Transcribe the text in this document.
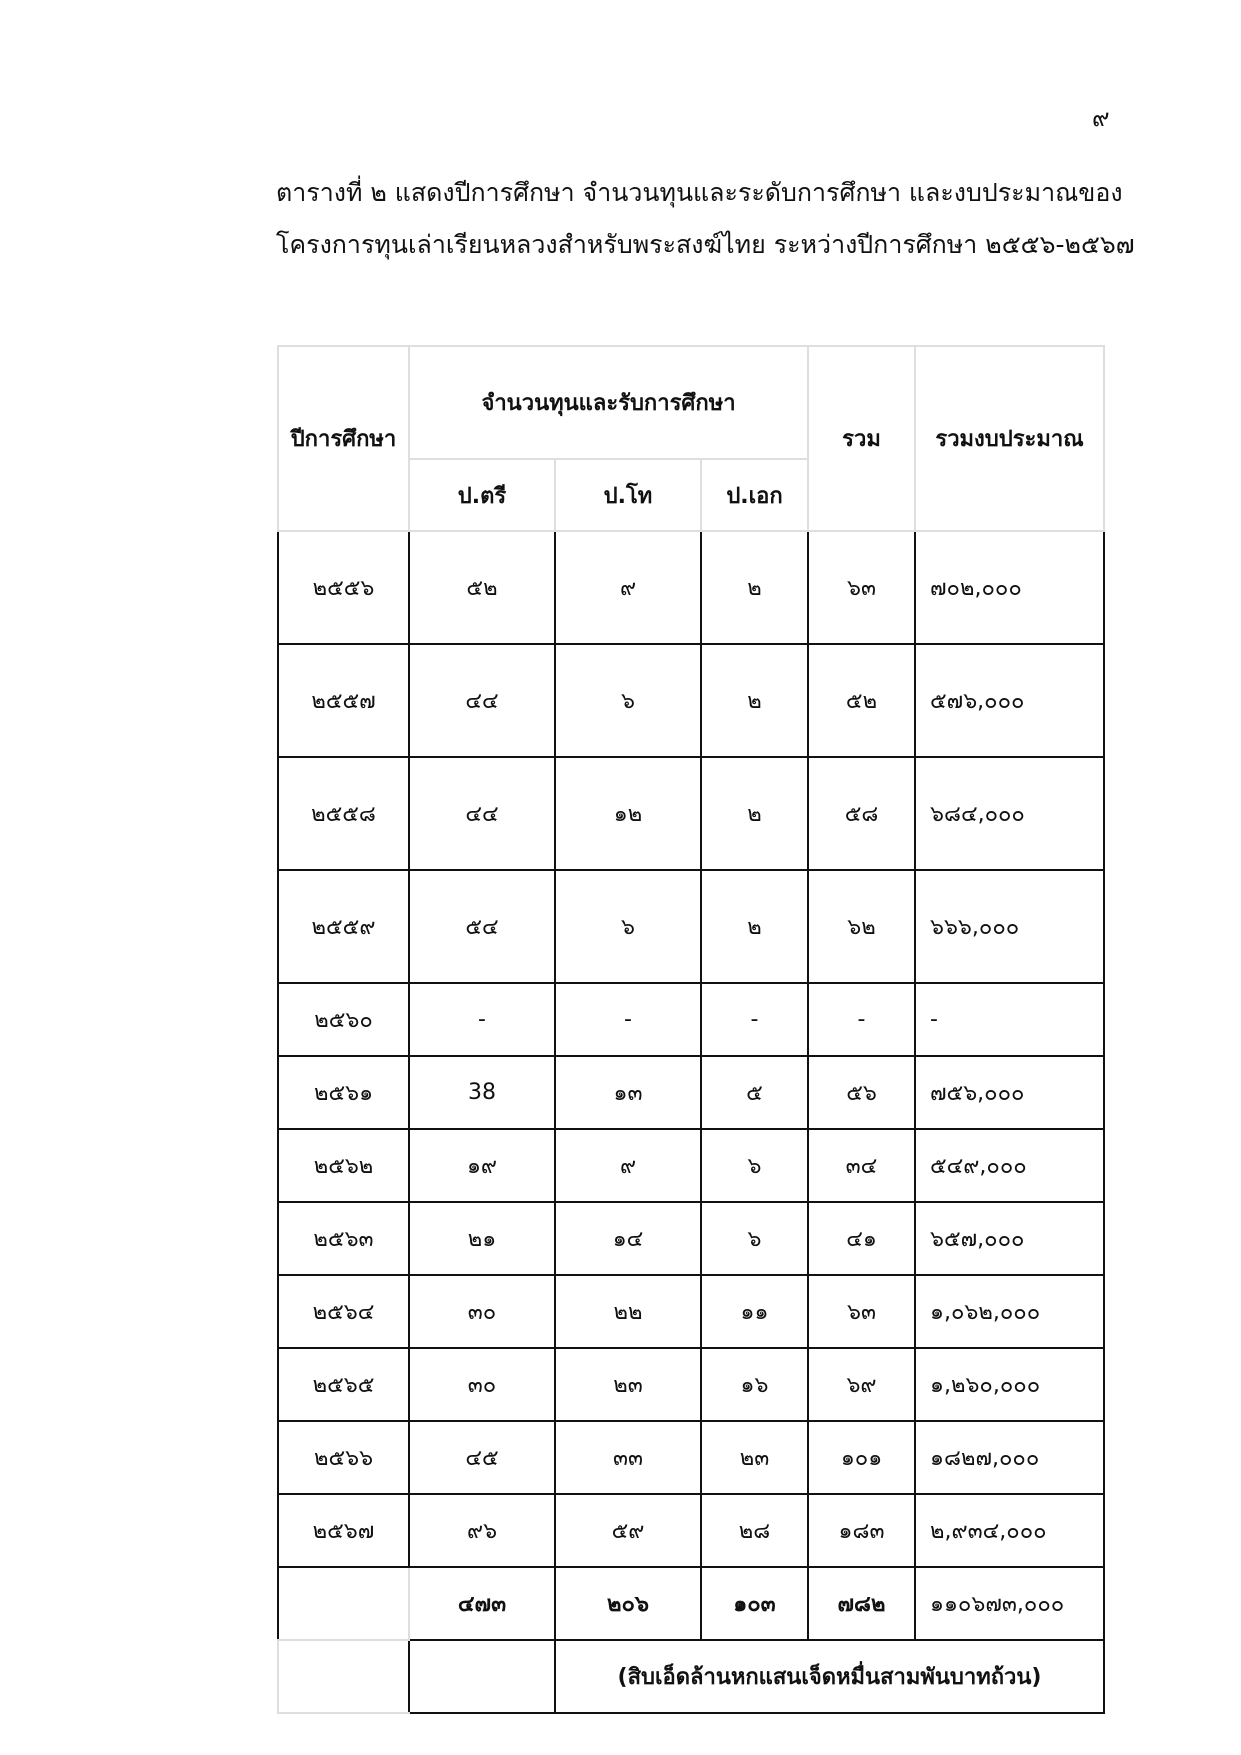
๙
ตารางที่ ๒ แสดงปีการศึกษา จำนวนทุนและระดับการศึกษา และงบประมาณของ
โครงการทุนเล่าเรียนหลวงสำหรับพระสงฆ์ไทย ระหว่างปีการศึกษา ๒๕๕๖-๒๕๖๗
ปีการศึกษา	จำนวนทุนและรับการศึกษา			รวม	รวมงบประมาณ
	ป.ตรี	ป.โท	ป.เอก		
๒๕๕๖	๕๒	๙	๒	๖๓	๗๐๒,๐๐๐
๒๕๕๗	๔๔	๖	๒	๕๒	๕๗๖,๐๐๐
๒๕๕๘	๔๔	๑๒	๒	๕๘	๖๘๔,๐๐๐
๒๕๕๙	๕๔	๖	๒	๖๒	๖๖๖,๐๐๐
๒๕๖๐	-	-	-	-	-
๒๕๖๑	38	๑๓	๕	๕๖	๗๕๖,๐๐๐
๒๕๖๒	๑๙	๙	๖	๓๔	๕๔๙,๐๐๐
๒๕๖๓	๒๑	๑๔	๖	๔๑	๖๕๗,๐๐๐
๒๕๖๔	๓๐	๒๒	๑๑	๖๓	๑,๐๖๒,๐๐๐
๒๕๖๕	๓๐	๒๓	๑๖	๖๙	๑,๒๖๐,๐๐๐
๒๕๖๖	๔๕	๓๓	๒๓	๑๐๑	๑๘๒๗,๐๐๐
๒๕๖๗	๙๖	๕๙	๒๘	๑๘๓	๒,๙๓๔,๐๐๐
	๔๗๓	๒๐๖	๑๐๓	๗๘๒	๑๑๐๖๗๓,๐๐๐
		(สิบเอ็ดล้านหกแสนเจ็ดหมื่นสามพันบาทถ้วน)			
